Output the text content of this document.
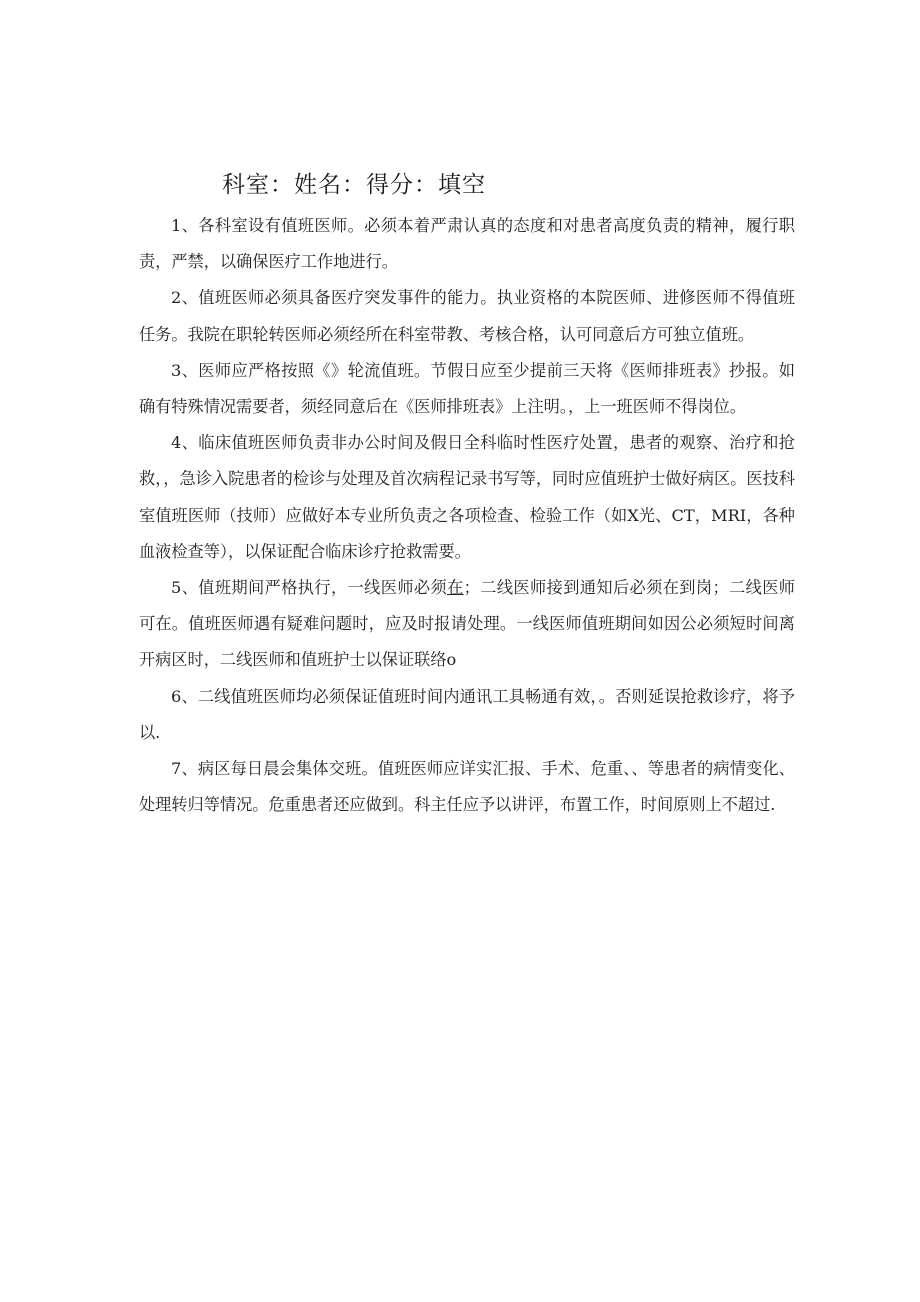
科室：姓名：得分：填空

1、各科室设有值班医师。必须本着严肃认真的态度和对患者高度负责的精神，履行职责，严禁，以确保医疗工作地进行。

2、值班医师必须具备医疗突发事件的能力。执业资格的本院医师、进修医师不得值班任务。我院在职轮转医师必须经所在科室带教、考核合格，认可同意后方可独立值班。

3、医师应严格按照《》轮流值班。节假日应至少提前三天将《医师排班表》抄报。如确有特殊情况需要者，须经同意后在《医师排班表》上注明。，上一班医师不得岗位。

4、临床值班医师负责非办公时间及假日全科临时性医疗处置，患者的观察、治疗和抢救，，急诊入院患者的检诊与处理及首次病程记录书写等，同时应值班护士做好病区。医技科室值班医师（技师）应做好本专业所负责之各项检查、检验工作（如X光、CT，MRI，各种血液检查等），以保证配合临床诊疗抢救需要。

5、值班期间严格执行，一线医师必须在；二线医师接到通知后必须在到岗；二线医师可在。值班医师遇有疑难问题时，应及时报请处理。一线医师值班期间如因公必须短时间离开病区时，二线医师和值班护士以保证联络o

6、二线值班医师均必须保证值班时间内通讯工具畅通有效，。否则延误抢救诊疗，将予以.

7、病区每日晨会集体交班。值班医师应详实汇报、手术、危重、、等患者的病情变化、处理转归等情况。危重患者还应做到。科主任应予以讲评，布置工作，时间原则上不超过.
